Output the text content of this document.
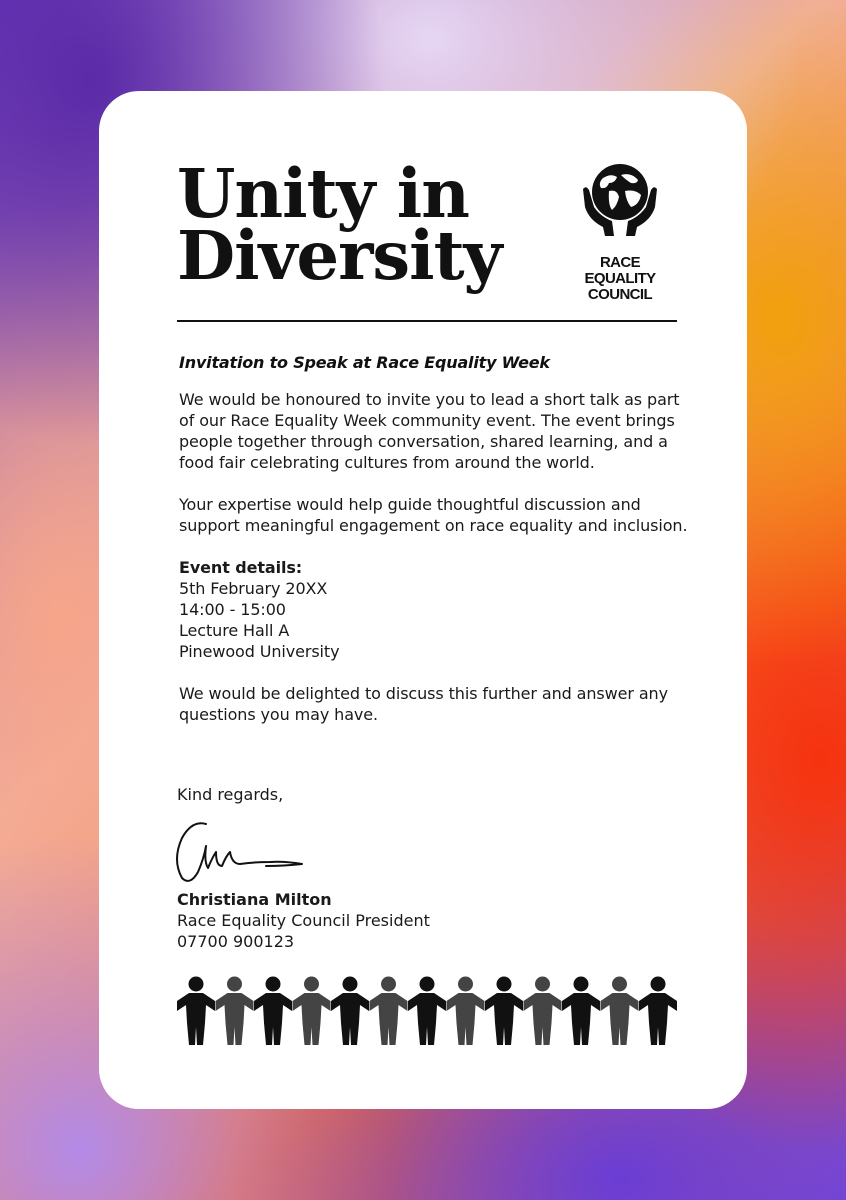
Unity in
Diversity	RACE EQUALITY
COUNCIL

Invitation to Speak at Race Equality Week

We would be honoured to invite you to lead a short talk as part of our Race Equality Week community event. The event brings people together through conversation, shared learning, and a food fair celebrating cultures from around the world.

Your expertise would help guide thoughtful discussion and support meaningful engagement on race equality and inclusion.

Event details:

5th February 20XX

14:00 - 15:00

Lecture Hall A

Pinewood University

We would be delighted to discuss this further and answer any questions you may have.

Kind regards,

Christiana Milton
Race Equality Council President
07700 900123
